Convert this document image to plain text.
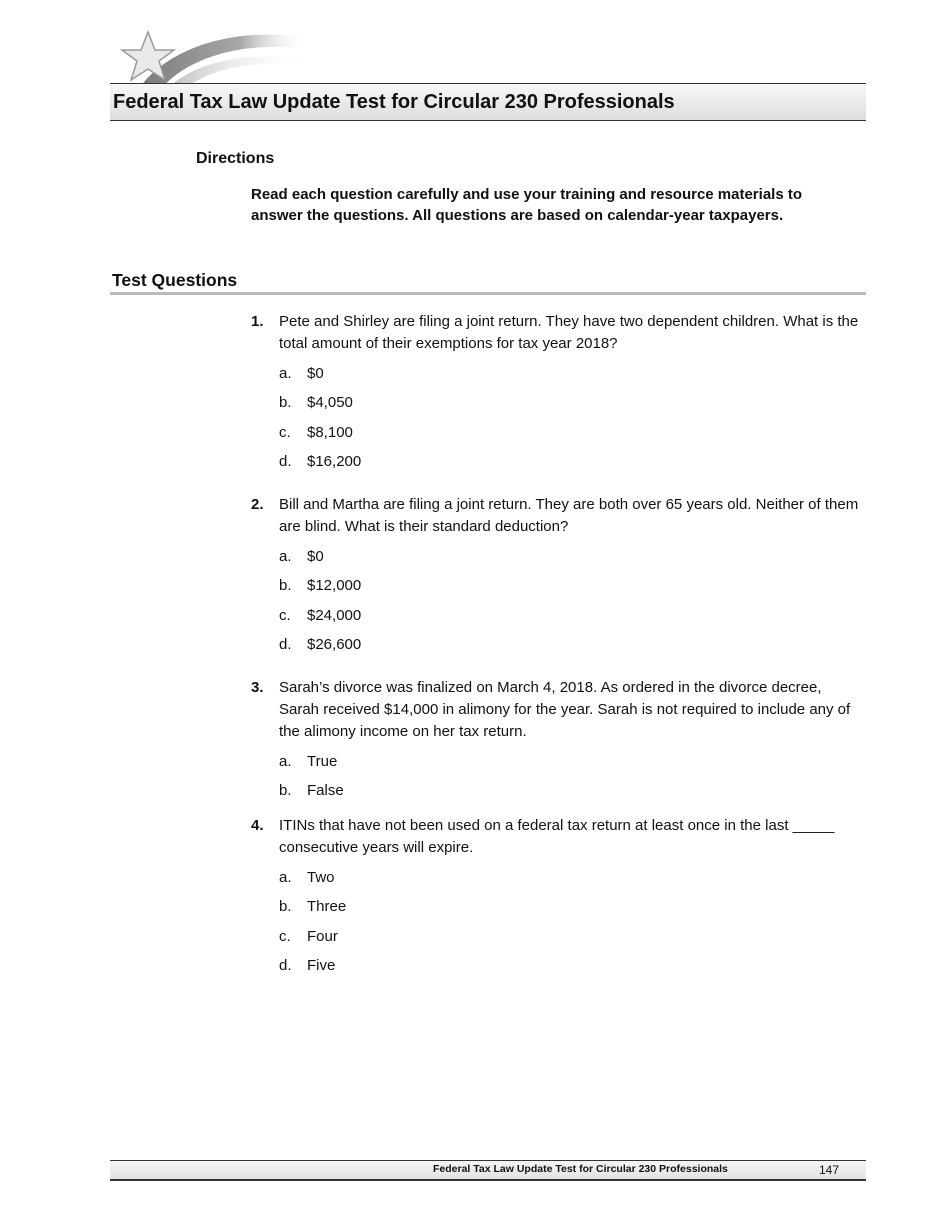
Federal Tax Law Update Test for Circular 230 Professionals
Directions
Read each question carefully and use your training and resource materials to answer the questions. All questions are based on calendar-year taxpayers.
Test Questions
1.	Pete and Shirley are filing a joint return. They have two dependent children. What is the total amount of their exemptions for tax year 2018?
a.	$0
b.	$4,050
c.	$8,100
d.	$16,200
2.	Bill and Martha are filing a joint return. They are both over 65 years old. Neither of them are blind. What is their standard deduction?
a.	$0
b.	$12,000
c.	$24,000
d.	$26,600
3.	Sarah’s divorce was finalized on March 4, 2018. As ordered in the divorce decree, Sarah received $14,000 in alimony for the year. Sarah is not required to include any of the alimony income on her tax return.
a.	True
b.	False
4.	ITINs that have not been used on a federal tax return at least once in the last _____ consecutive years will expire.
a.	Two
b.	Three
c.	Four
d.	Five
Federal Tax Law Update Test for Circular 230 Professionals	147
